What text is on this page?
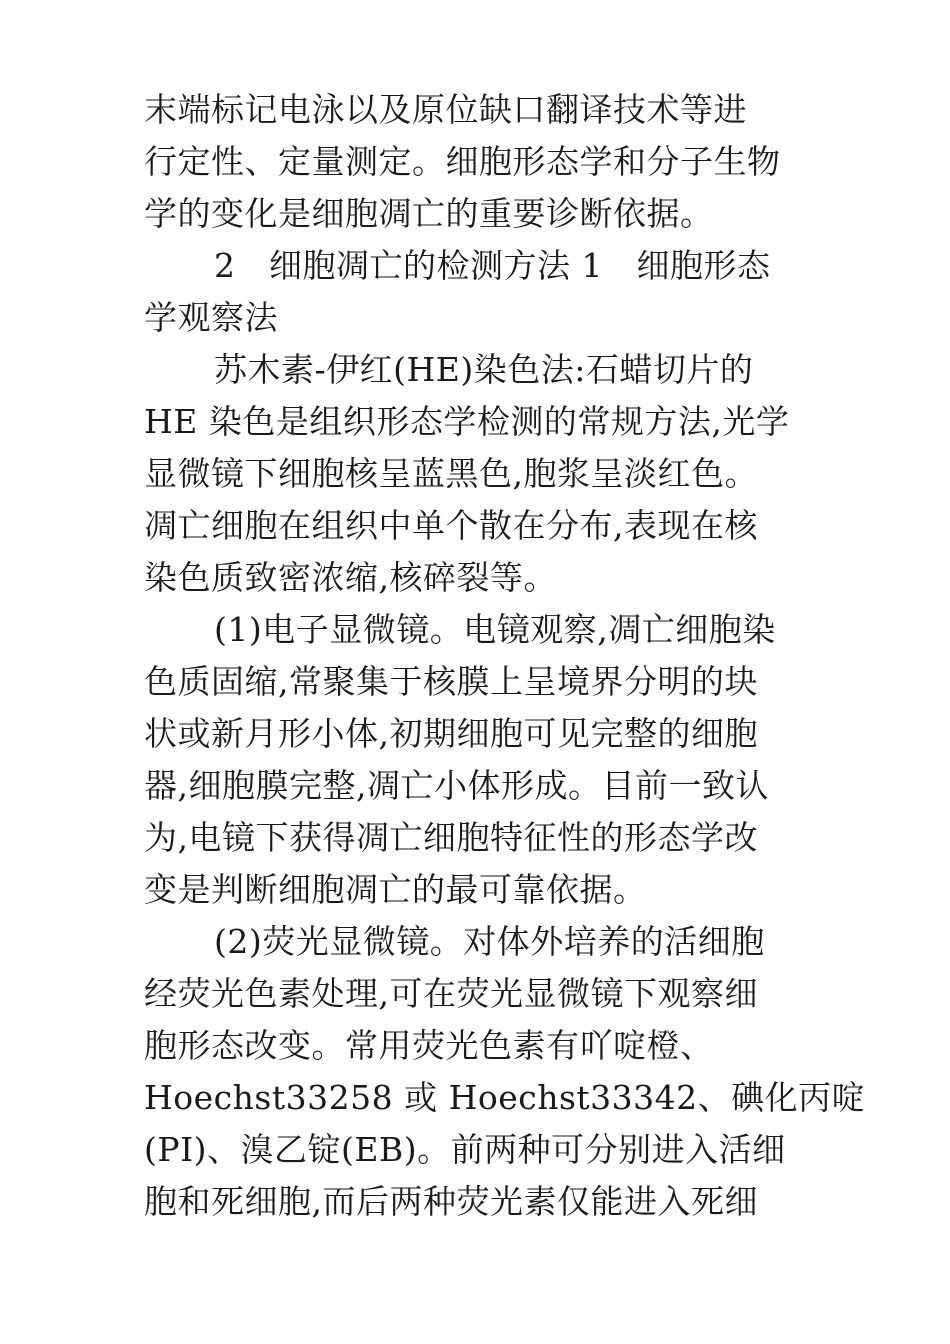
末端标记电泳以及原位缺口翻译技术等进
行定性、定量测定。细胞形态学和分子生物
学的变化是细胞凋亡的重要诊断依据。
2　细胞凋亡的检测方法 1　细胞形态
学观察法
苏木素-伊红(HE)染色法:石蜡切片的
HE 染色是组织形态学检测的常规方法,光学
显微镜下细胞核呈蓝黑色,胞浆呈淡红色。
凋亡细胞在组织中单个散在分布,表现在核
染色质致密浓缩,核碎裂等。
(1)电子显微镜。电镜观察,凋亡细胞染
色质固缩,常聚集于核膜上呈境界分明的块
状或新月形小体,初期细胞可见完整的细胞
器,细胞膜完整,凋亡小体形成。目前一致认
为,电镜下获得凋亡细胞特征性的形态学改
变是判断细胞凋亡的最可靠依据。
(2)荧光显微镜。对体外培养的活细胞
经荧光色素处理,可在荧光显微镜下观察细
胞形态改变。常用荧光色素有吖啶橙、
Hoechst33258 或 Hoechst33342、碘化丙啶
(PI)、溴乙锭(EB)。前两种可分别进入活细
胞和死细胞,而后两种荧光素仅能进入死细
